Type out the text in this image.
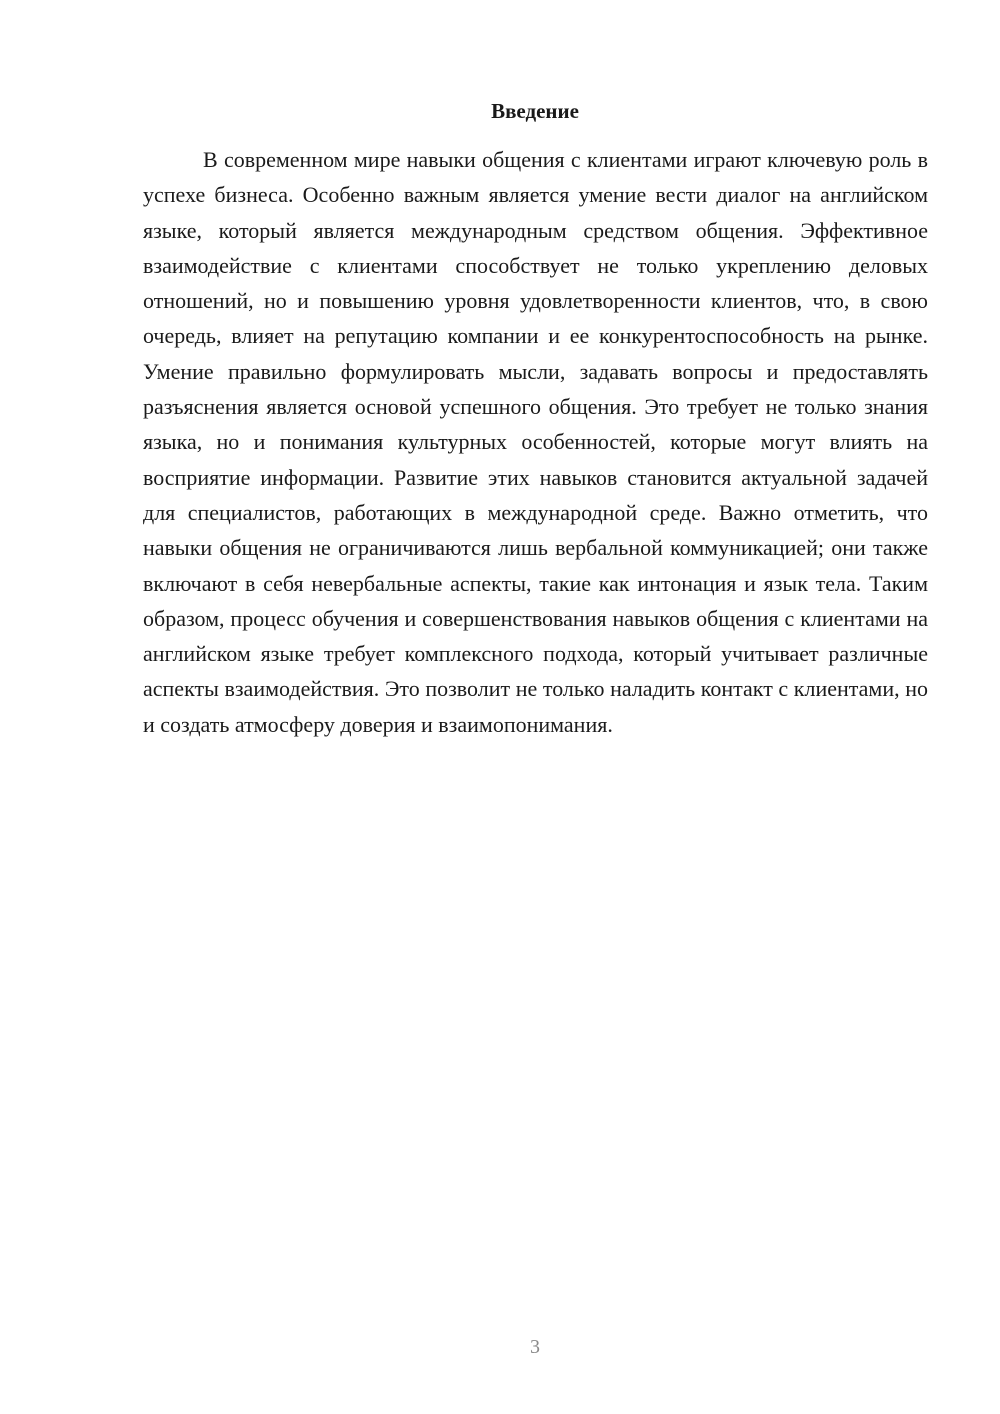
Введение

В современном мире навыки общения с клиентами играют ключевую роль в успехе бизнеса. Особенно важным является умение вести диалог на английском языке, который является международным средством общения. Эффективное взаимодействие с клиентами способствует не только укреплению деловых отношений, но и повышению уровня удовлетворенности клиентов, что, в свою очередь, влияет на репутацию компании и ее конкурентоспособность на рынке. Умение правильно формулировать мысли, задавать вопросы и предоставлять разъяснения является основой успешного общения. Это требует не только знания языка, но и понимания культурных особенностей, которые могут влиять на восприятие информации. Развитие этих навыков становится актуальной задачей для специалистов, работающих в международной среде. Важно отметить, что навыки общения не ограничиваются лишь вербальной коммуникацией; они также включают в себя невербальные аспекты, такие как интонация и язык тела. Таким образом, процесс обучения и совершенствования навыков общения с клиентами на английском языке требует комплексного подхода, который учитывает различные аспекты взаимодействия. Это позволит не только наладить контакт с клиентами, но и создать атмосферу доверия и взаимопонимания.

3
